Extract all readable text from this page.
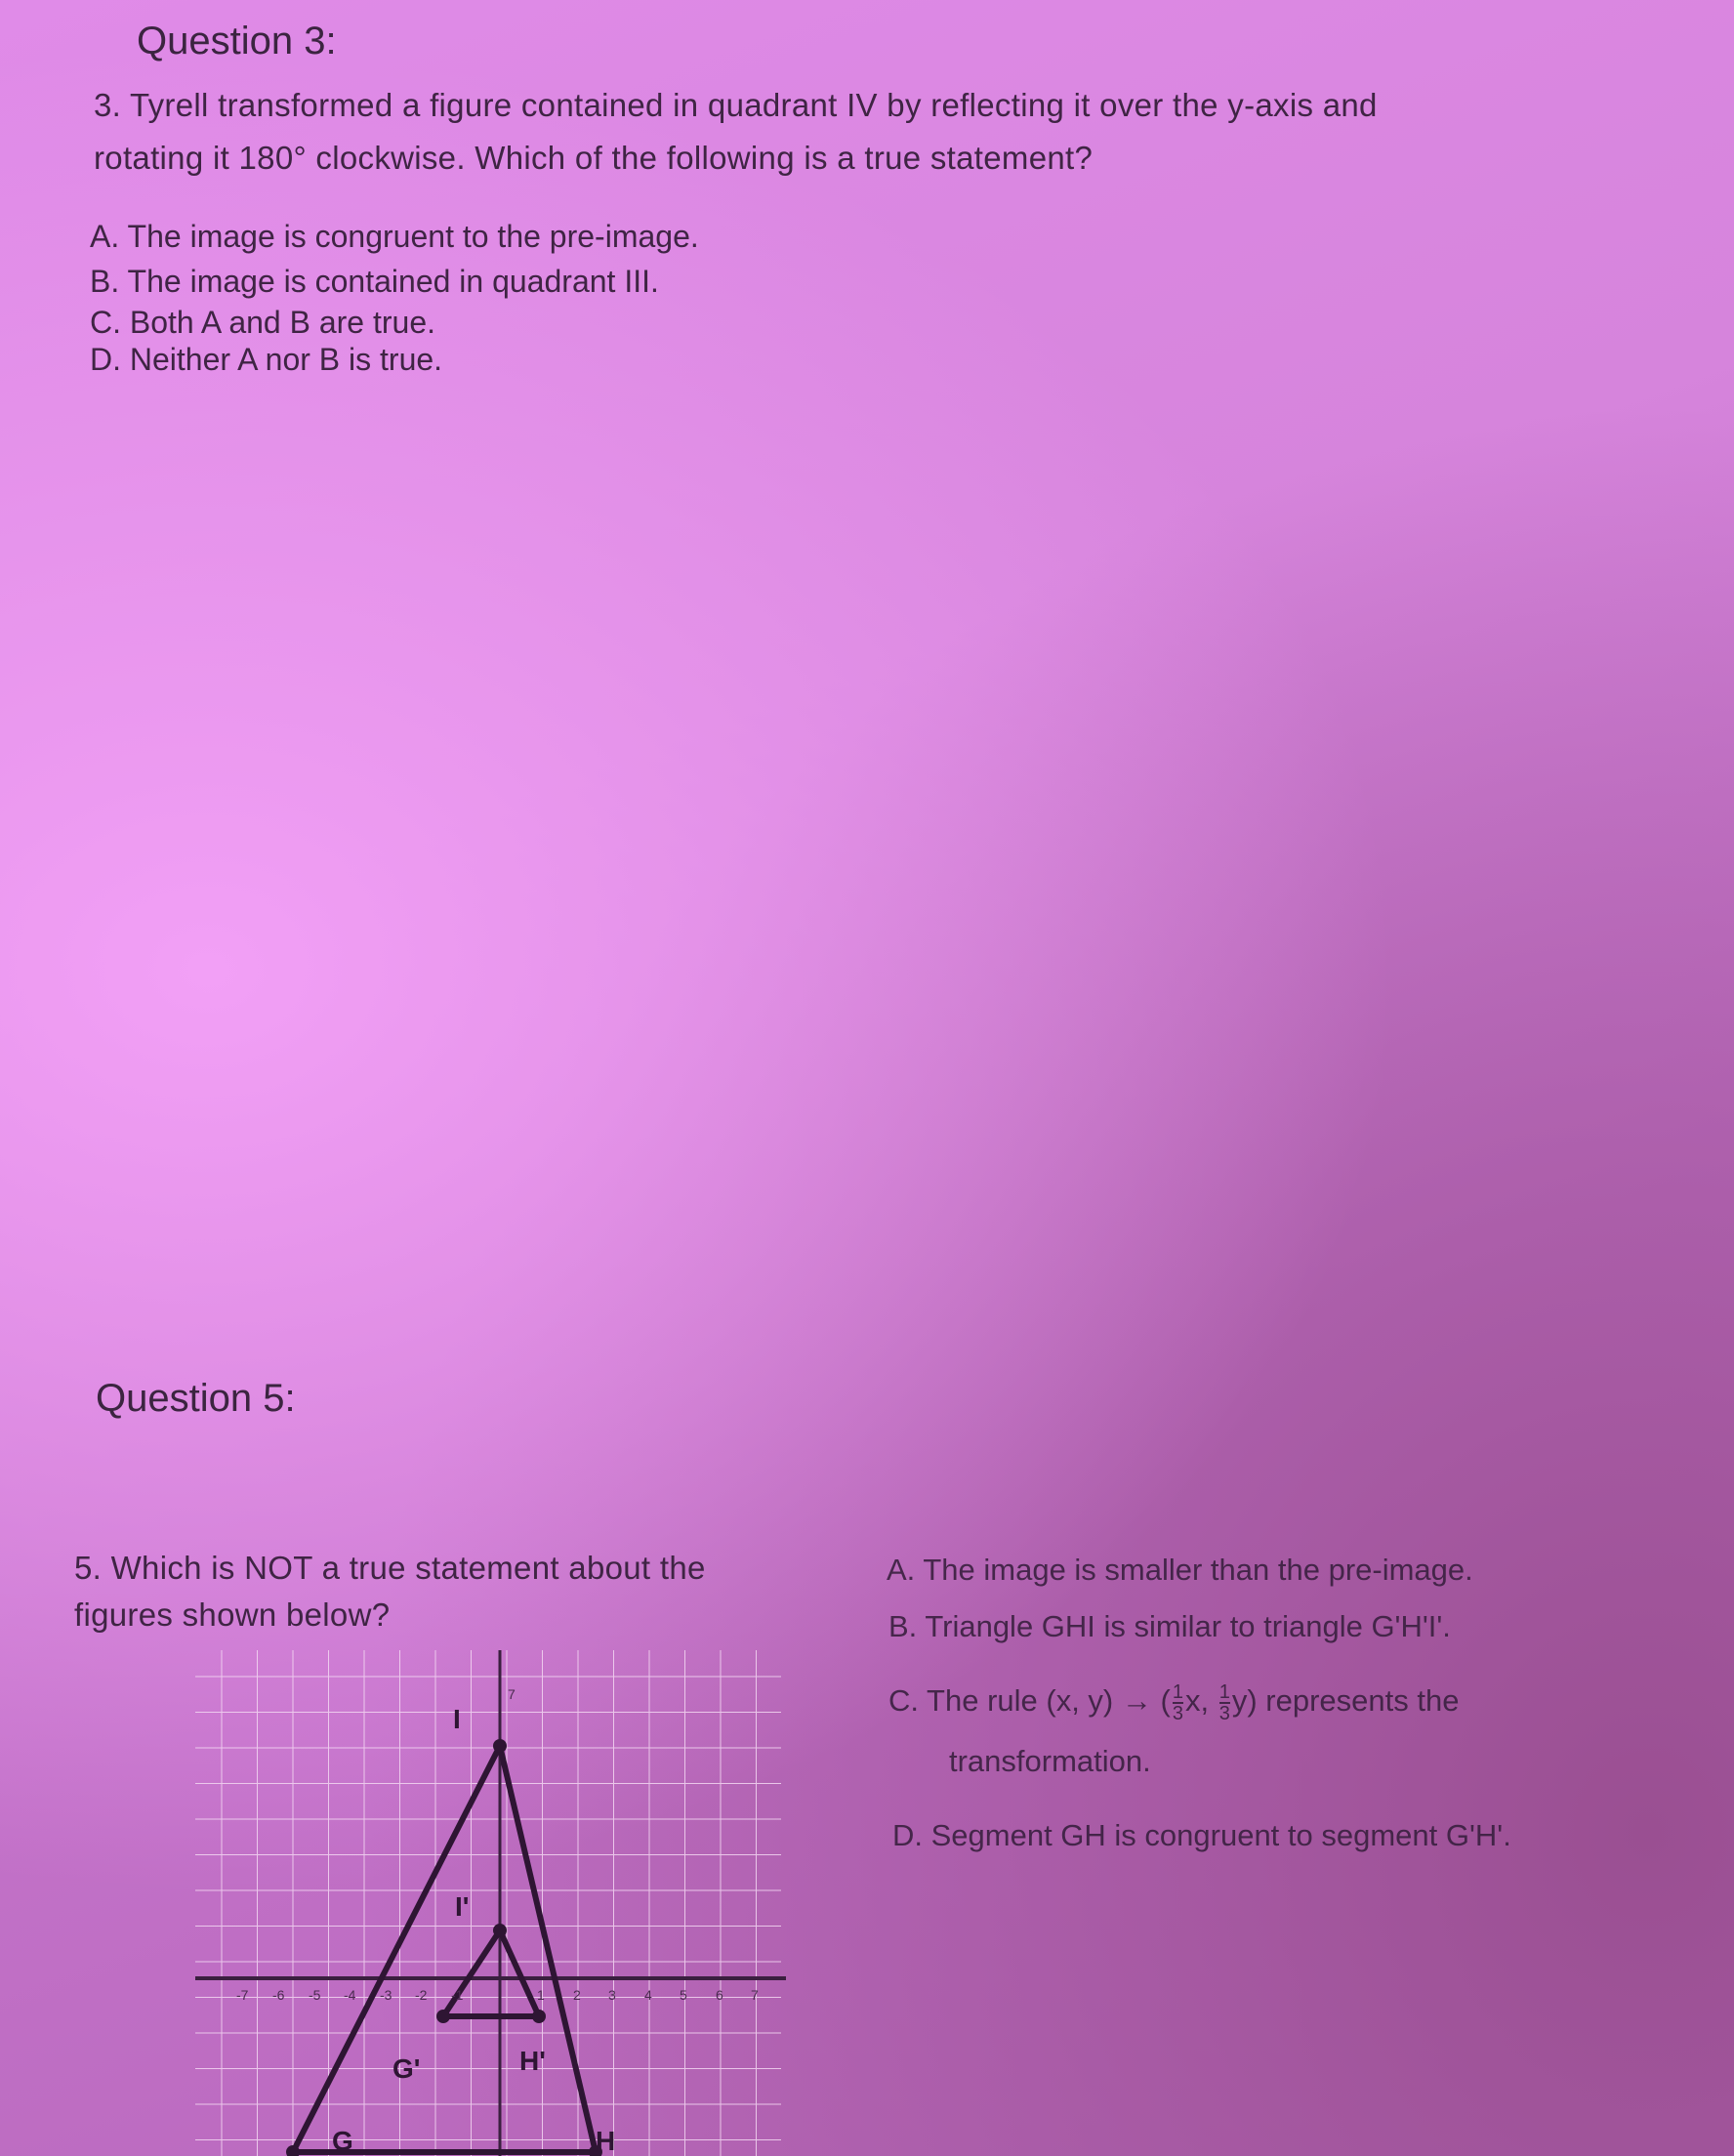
Question 3:
3. Tyrell transformed a figure contained in quadrant IV by reflecting it over the y-axis and
rotating it 180° clockwise. Which of the following is a true statement?
A. The image is congruent to the pre-image.
B. The image is contained in quadrant III.
C. Both A and B are true.
D. Neither A nor B is true.
Question 5:
5. Which is NOT a true statement about the
figures shown below?
A. The image is smaller than the pre-image.
B. Triangle GHI is similar to triangle G'H'I'.
C. The rule (x, y) → ( $\frac{1}{3} x$, $\frac{1}{3} y$) represents the
transformation.
D. Segment GH is congruent to segment G'H'.
I
I'
G'	H'
G	H
-7 -6 -5 -4 -3 -2 -1	1 2 3 4 5 6 7
7
